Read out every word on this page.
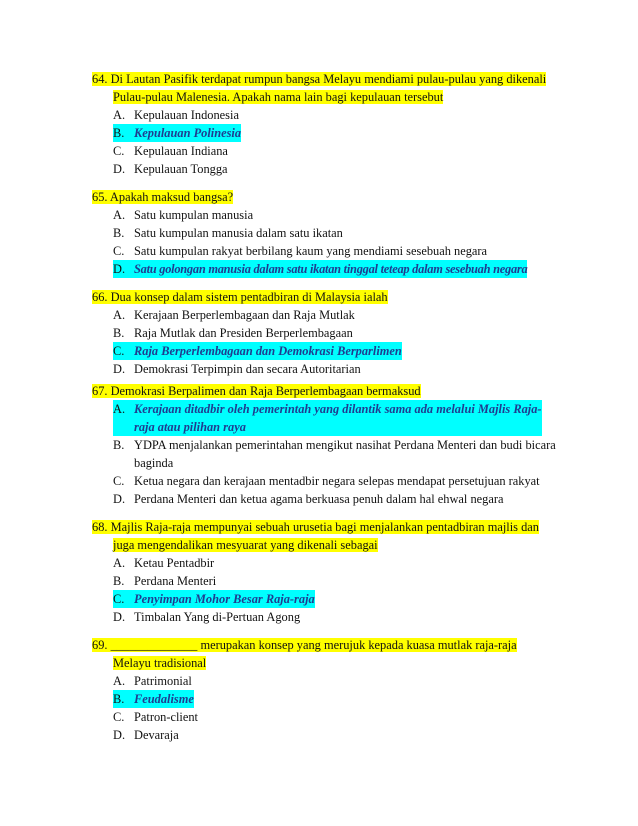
64. Di Lautan Pasifik terdapat rumpun bangsa Melayu mendiami pulau-pulau yang dikenali
Pulau-pulau Malenesia. Apakah nama lain bagi kepulauan tersebut
A. Kepulauan Indonesia
B. Kepulauan Polinesia
C. Kepulauan Indiana
D. Kepulauan Tongga
65. Apakah maksud bangsa?
A. Satu kumpulan manusia
B. Satu kumpulan manusia dalam satu ikatan
C. Satu kumpulan rakyat berbilang kaum yang mendiami sesebuah negara
D. Satu golongan manusia dalam satu ikatan tinggal teteap dalam sesebuah negara
66. Dua konsep dalam sistem pentadbiran di Malaysia ialah
A. Kerajaan Berperlembagaan dan Raja Mutlak
B. Raja Mutlak dan Presiden Berperlembagaan
C. Raja Berperlembagaan dan Demokrasi Berparlimen
D. Demokrasi Terpimpin dan secara Autoritarian
67. Demokrasi Berpalimen dan Raja Berperlembagaan bermaksud
A. Kerajaan ditadbir oleh pemerintah yang dilantik sama ada melalui Majlis Raja-
raja atau pilihan raya
B. YDPA menjalankan pemerintahan mengikut nasihat Perdana Menteri dan budi bicara
baginda
C. Ketua negara dan kerajaan mentadbir negara selepas mendapat persetujuan rakyat
D. Perdana Menteri dan ketua agama berkuasa penuh dalam hal ehwal negara
68. Majlis Raja-raja mempunyai sebuah urusetia bagi menjalankan pentadbiran majlis dan
juga mengendalikan mesyuarat yang dikenali sebagai
A. Ketau Pentadbir
B. Perdana Menteri
C. Penyimpan Mohor Besar Raja-raja
D. Timbalan Yang di-Pertuan Agong
69. ______________ merupakan konsep yang merujuk kepada kuasa mutlak raja-raja
Melayu tradisional
A. Patrimonial
B. Feudalisme
C. Patron-client
D. Devaraja
